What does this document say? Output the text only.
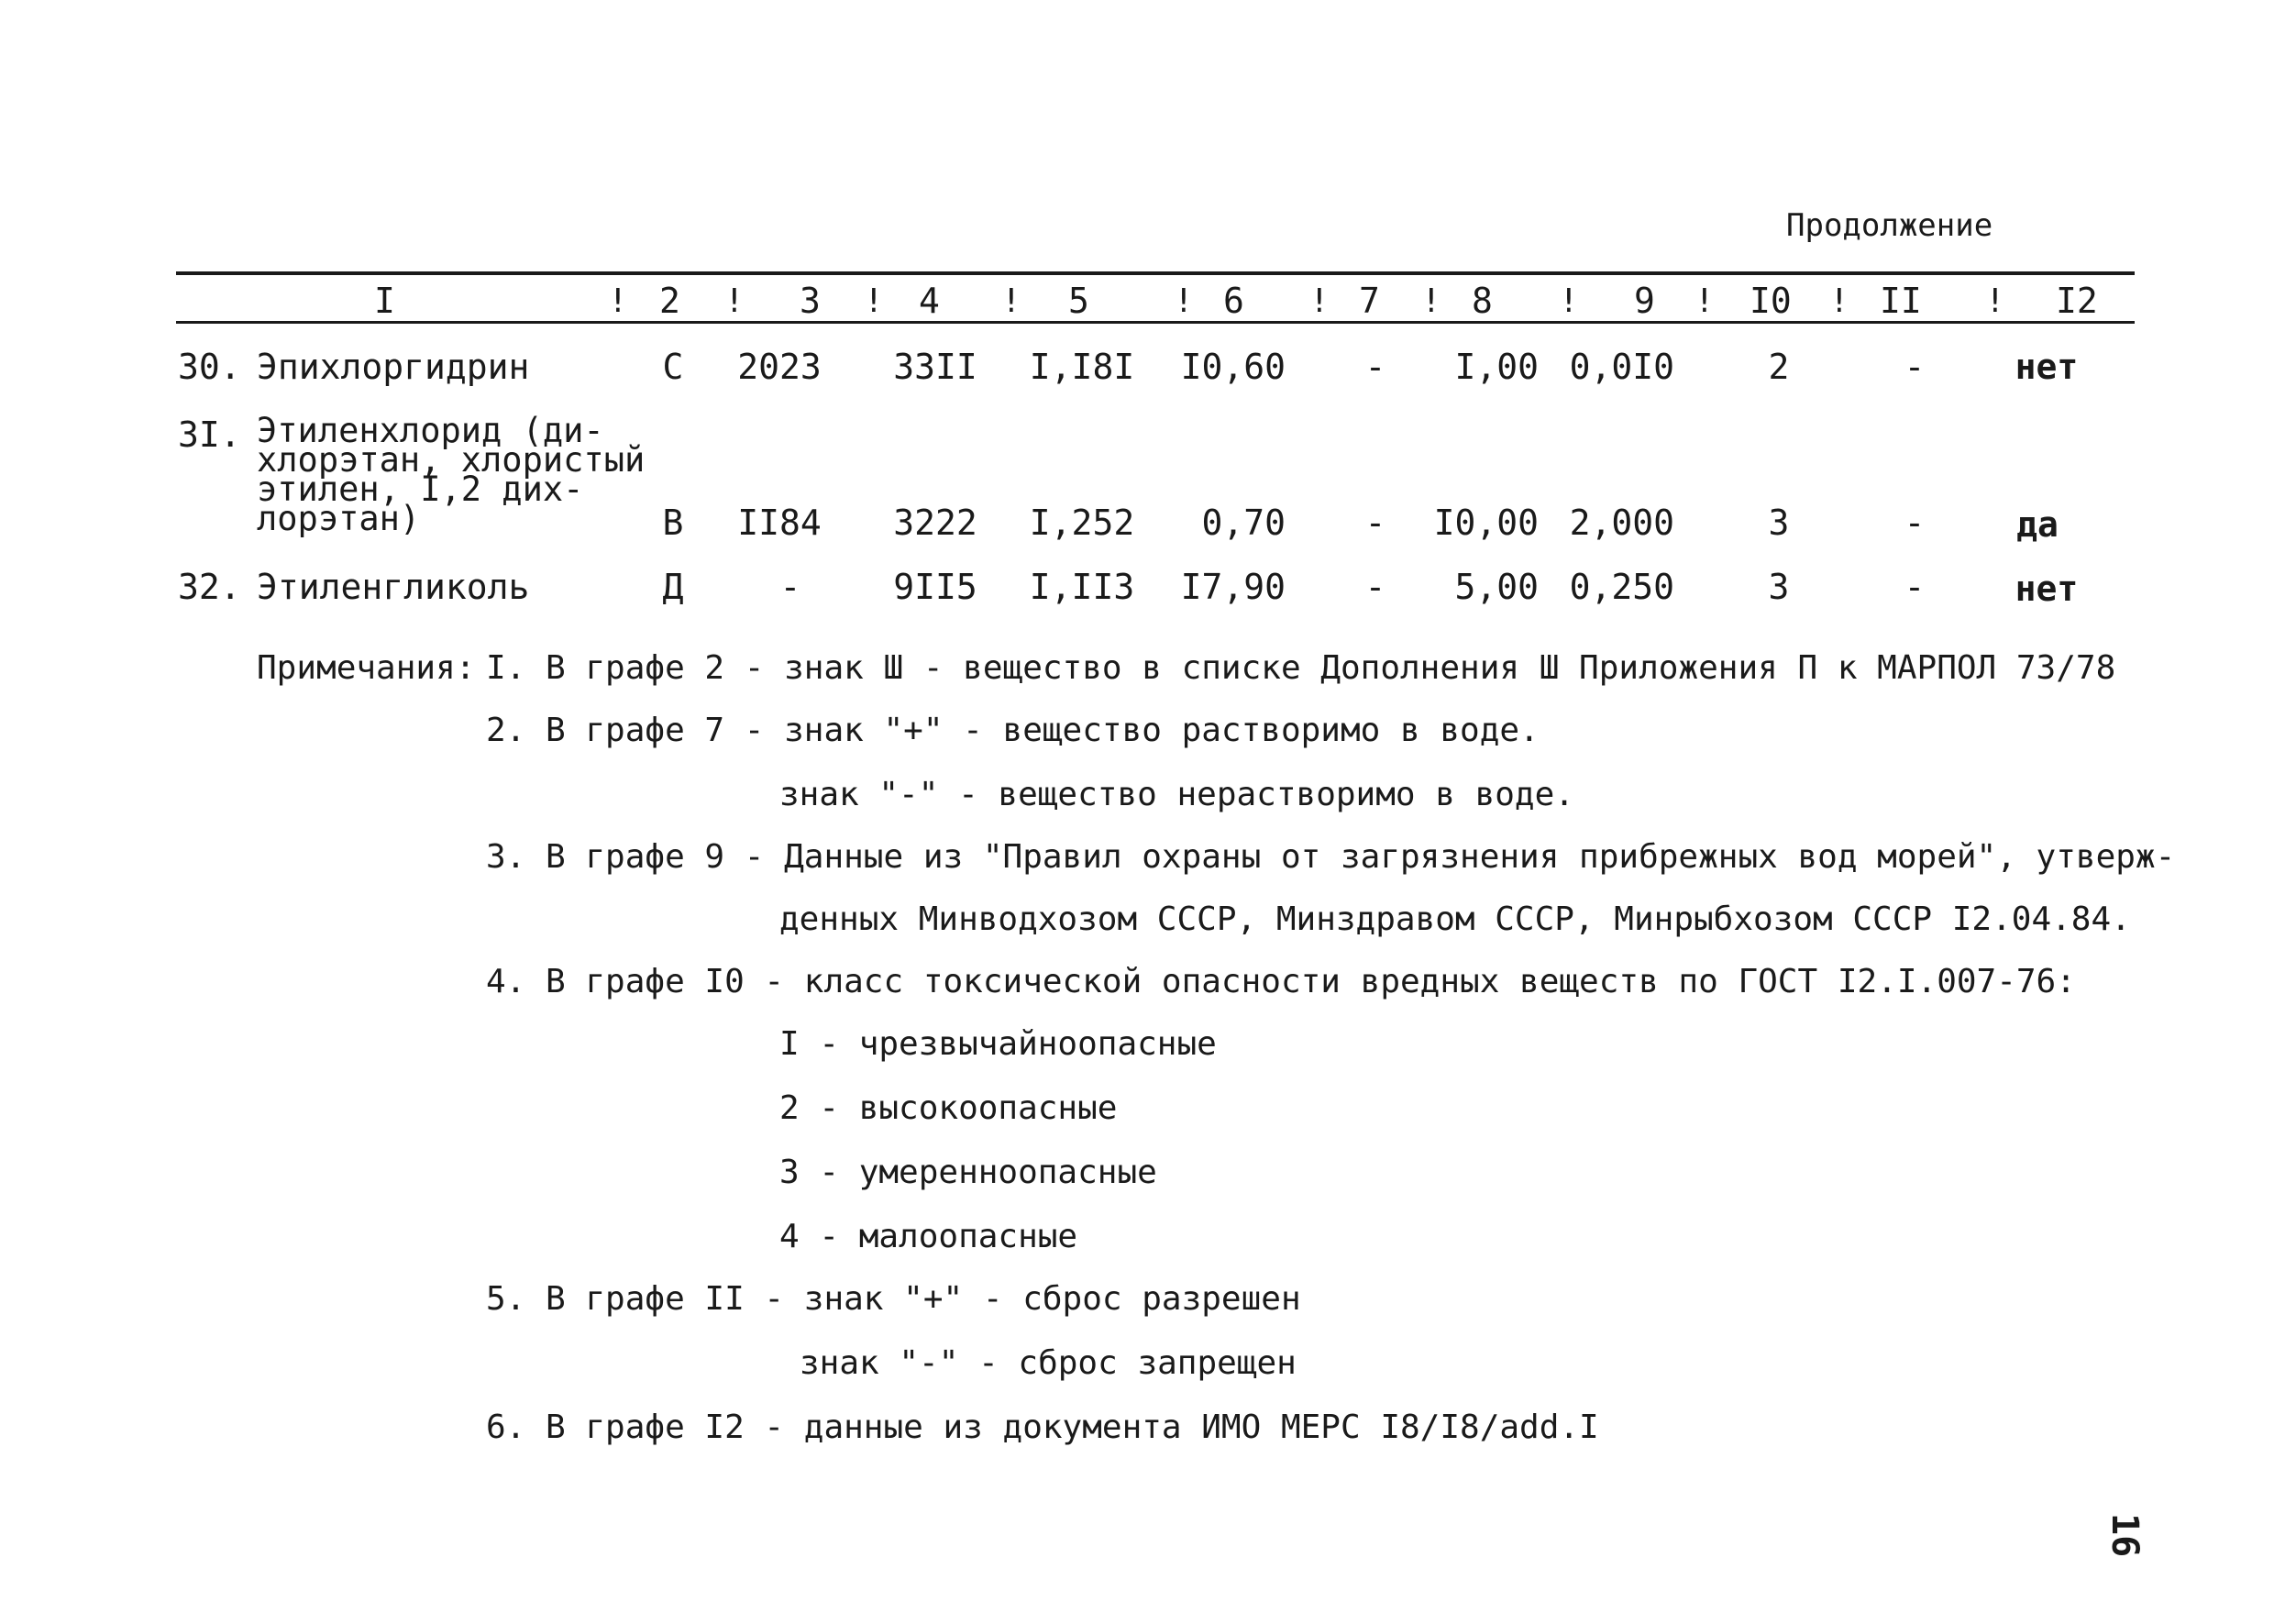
Продолжение
I	! 2 ! 3 ! 4 ! 5	! 6 ! 7 ! 8 ! 9 ! I0 ! II ! I2
30. Эпихлоргидрин	С 2023 33II I,I8I I0,60 - I,00 0,0I0	2	-	нет
3I. Этиленхлорид (ди-
хлорэтан, хлористый
этилен, I,2 дих-
лорэтан)	В II84 3222 I,252 0,70 - I0,00 2,000	3	-	да
32. Этиленгликоль	Д	-	9II5 I,II3 I7,90 - 5,00 0,250	3	-	нет
Примечания: I. В графе 2 - знак Ш - вещество в списке Дополнения Ш Приложения П к МАРПОЛ 73/78
2. В графе 7 - знак "+" - вещество растворимо в воде.
знак "-" - вещество нерастворимо в воде.
3. В графе 9 - Данные из "Правил охраны от загрязнения прибрежных вод морей", утверж-
денных Минводхозом СССР, Минздравом СССР, Минрыбхозом СССР I2.04.84.
4. В графе I0 - класс токсической опасности вредных веществ по ГОСТ I2.I.007-76:
I - чрезвычайноопасные
2 - высокоопасные
3 - умеренноопасные
4 - малоопасные
5. В графе II - знак "+" - сброс разрешен
знак "-" - сброс запрещен
6. В графе I2 - данные из документа ИМО МЕРС I8/I8/add.I
16
